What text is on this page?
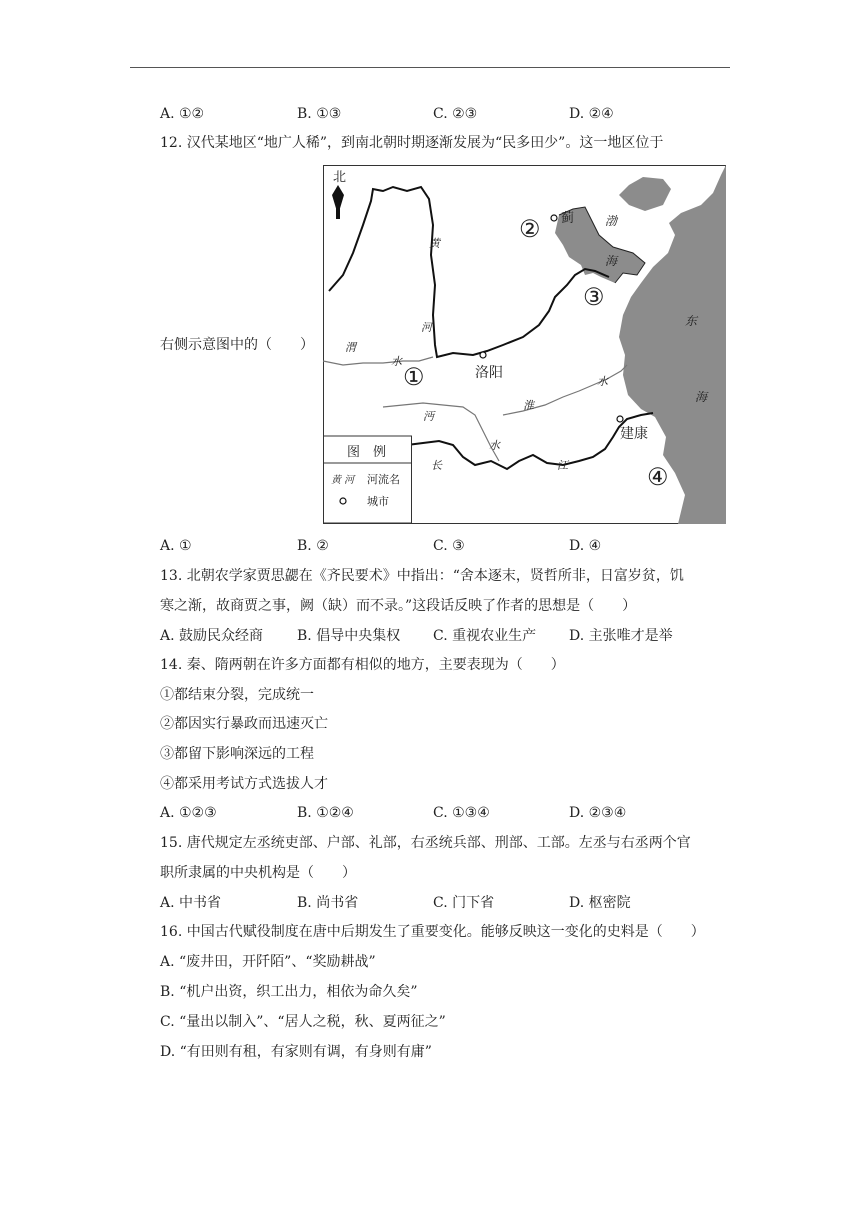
A. ①②	B. ①③	C. ②③	D. ②④
12. 汉代某地区“地广人稀”，到南北朝时期逐渐发展为“民多田少”。这一地区位于
右侧示意图中的（　　）
北
蓟
洛阳
建康
黄
河
渭
水
淮
水
沔
水
长	江
渤
海
东
海
①
②
③
④
图　例
黄 河 河流名
城市
A. ①	B. ②	C. ③	D. ④
13. 北朝农学家贾思勰在《齐民要术》中指出：“舍本逐末，贤哲所非，日富岁贫，饥
寒之渐，故商贾之事，阙（缺）而不录。”这段话反映了作者的思想是（　　）
A. 鼓励民众经商 B. 倡导中央集权 C. 重视农业生产 D. 主张唯才是举
14. 秦、隋两朝在许多方面都有相似的地方，主要表现为（　　）
①都结束分裂，完成统一
②都因实行暴政而迅速灭亡
③都留下影响深远的工程
④都采用考试方式选拔人才
A. ①②③	B. ①②④	C. ①③④	D. ②③④
15. 唐代规定左丞统吏部、户部、礼部，右丞统兵部、刑部、工部。左丞与右丞两个官
职所隶属的中央机构是（　　）
A. 中书省	B. 尚书省	C. 门下省	D. 枢密院
16. 中国古代赋役制度在唐中后期发生了重要变化。能够反映这一变化的史料是（　　）
A. “废井田，开阡陌”、“奖励耕战”
B. “机户出资，织工出力，相依为命久矣”
C. “量出以制入”、“居人之税，秋、夏两征之”
D. “有田则有租，有家则有调，有身则有庸”
